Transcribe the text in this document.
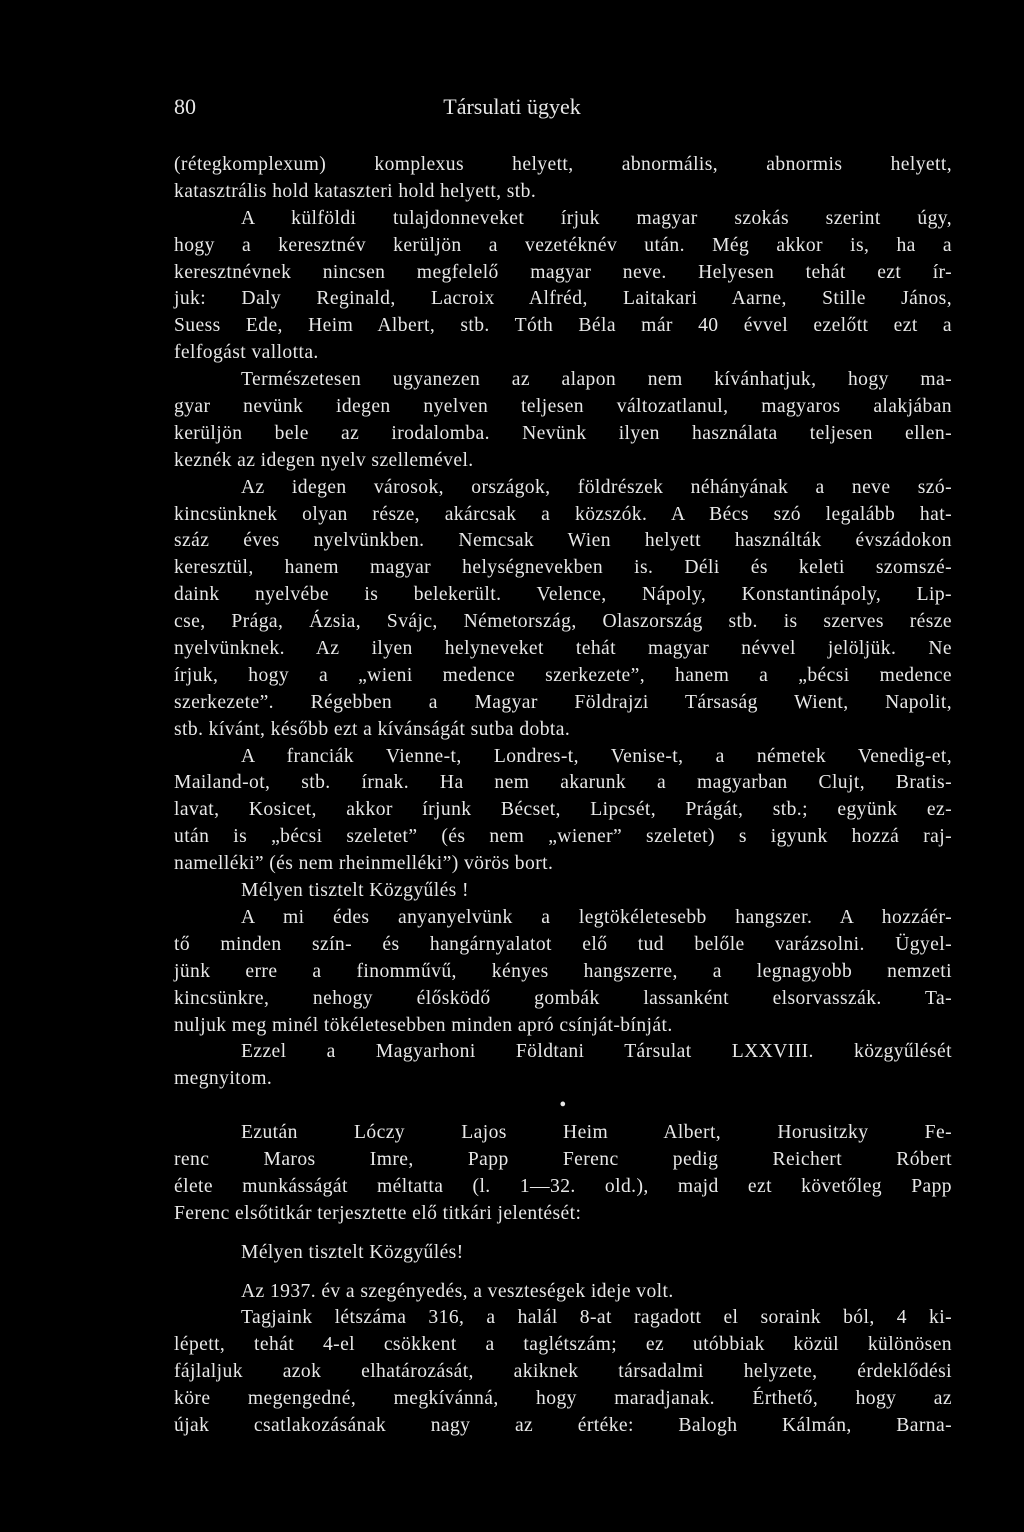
80	Társulati ügyek
(rétegkomplexum) komplexus helyett, abnormális, abnormis helyett,
katasztrális hold kataszteri hold helyett, stb.
A külföldi tulajdonneveket írjuk magyar szokás szerint úgy,
hogy a keresztnév kerüljön a vezetéknév után. Még akkor is, ha a
keresztnévnek nincsen megfelelő magyar neve. Helyesen tehát ezt ír-
juk: Daly Reginald, Lacroix Alfréd, Laitakari Aarne, Stille János,
Suess Ede, Heim Albert, stb. Tóth Béla már 40 évvel ezelőtt ezt a
felfogást vallotta.
Természetesen ugyanezen az alapon nem kívánhatjuk, hogy ma-
gyar nevünk idegen nyelven teljesen változatlanul, magyaros alakjában
kerüljön bele az irodalomba. Nevünk ilyen használata teljesen ellen-
keznék az idegen nyelv szellemével.
Az idegen városok, országok, földrészek néhányának a neve szó-
kincsünknek olyan része, akárcsak a közszók. A Bécs szó legalább hat-
száz éves nyelvünkben. Nemcsak Wien helyett használták évszádokon
keresztül, hanem magyar helységnevekben is. Déli és keleti szomszé-
daink nyelvébe is belekerült. Velence, Nápoly, Konstantinápoly, Lip-
cse, Prága, Ázsia, Svájc, Németország, Olaszország stb. is szerves része
nyelvünknek. Az ilyen helyneveket tehát magyar névvel jelöljük. Ne
írjuk, hogy a „wieni medence szerkezete”, hanem a „bécsi medence
szerkezete”. Régebben a Magyar Földrajzi Társaság Wient, Napolit,
stb. kívánt, később ezt a kívánságát sutba dobta.
A franciák Vienne-t, Londres-t, Venise-t, a németek Venedig-et,
Mailand-ot, stb. írnak. Ha nem akarunk a magyarban Clujt, Bratis-
lavat, Kosicet, akkor írjunk Bécset, Lipcsét, Prágát, stb.; együnk ez-
után is „bécsi szeletet” (és nem „wiener” szeletet) s igyunk hozzá raj-
namelléki” (és nem rheinmelléki”) vörös bort.
Mélyen tisztelt Közgyűlés !
A mi édes anyanyelvünk a legtökéletesebb hangszer. A hozzáér-
tő minden szín- és hangárnyalatot elő tud belőle varázsolni. Ügyel-
jünk erre a finomművű, kényes hangszerre, a legnagyobb nemzeti
kincsünkre, nehogy élősködő gombák lassanként elsorvasszák. Ta-
nuljuk meg minél tökéletesebben minden apró csínját-bínját.
Ezzel a Magyarhoni Földtani Társulat LXXVIII. közgyűlését
megnyitom.
•
Ezután Lóczy Lajos Heim Albert, Horusitzky Fe-
renc Maros Imre, Papp Ferenc pedig Reichert Róbert
élete munkásságát méltatta (l. 1—32. old.), majd ezt követőleg Papp
Ferenc elsőtitkár terjesztette elő titkári jelentését:
Mélyen tisztelt Közgyűlés!
Az 1937. év a szegényedés, a veszteségek ideje volt.
Tagjaink létszáma 316, a halál 8-at ragadott el soraink ból, 4 ki-
lépett, tehát 4-el csökkent a taglétszám; ez utóbbiak közül különösen
fájlaljuk azok elhatározását, akiknek társadalmi helyzete, érdeklődési
köre megengedné, megkívánná, hogy maradjanak. Érthető, hogy az
újak csatlakozásának nagy az értéke: Balogh Kálmán, Barna-
